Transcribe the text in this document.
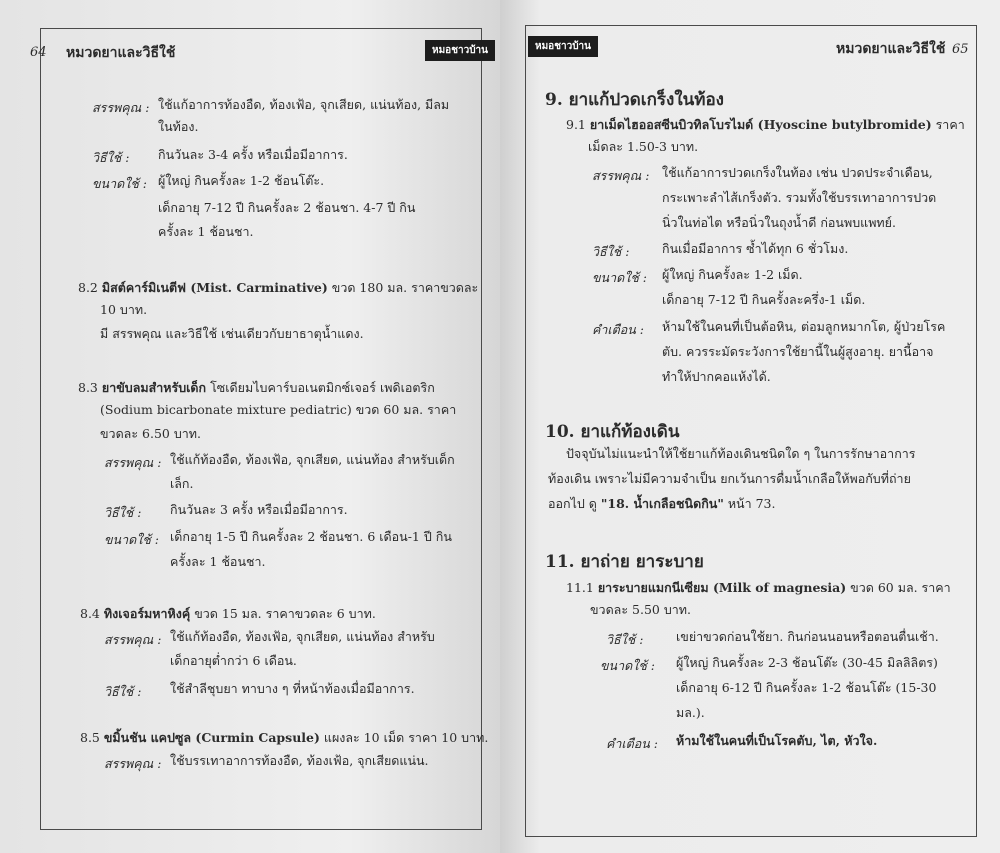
64 หมวดยาและวิธีใช้	หมอชาวบ้าน
สรรพคุณ : ใช้แก้อาการท้องอืด, ท้องเฟ้อ, จุกเสียด, แน่นท้อง, มีลม
ในท้อง.
วิธีใช้ : กินวันละ 3-4 ครั้ง หรือเมื่อมีอาการ.
ขนาดใช้ : ผู้ใหญ่ กินครั้งละ 1-2 ช้อนโต๊ะ.
เด็กอายุ 7-12 ปี กินครั้งละ 2 ช้อนชา. 4-7 ปี กิน
ครั้งละ 1 ช้อนชา.
8.2 มิสต์คาร์มิเนตีฟ (Mist. Carminative) ขวด 180 มล. ราคาขวดละ
10 บาท.
มี สรรพคุณ และวิธีใช้ เช่นเดียวกับยาธาตุน้ำแดง.
8.3 ยาขับลมสำหรับเด็ก โซเดียมไบคาร์บอเนตมิกซ์เจอร์ เพดิเอตริก
(Sodium bicarbonate mixture pediatric) ขวด 60 มล. ราคา
ขวดละ 6.50 บาท.
สรรพคุณ : ใช้แก้ท้องอืด, ท้องเฟ้อ, จุกเสียด, แน่นท้อง สำหรับเด็ก
เล็ก.
วิธีใช้ : กินวันละ 3 ครั้ง หรือเมื่อมีอาการ.
ขนาดใช้ : เด็กอายุ 1-5 ปี กินครั้งละ 2 ช้อนชา. 6 เดือน-1 ปี กิน
ครั้งละ 1 ช้อนชา.
8.4 ทิงเจอร์มหาหิงคุ์ ขวด 15 มล. ราคาขวดละ 6 บาท.
สรรพคุณ : ใช้แก้ท้องอืด, ท้องเฟ้อ, จุกเสียด, แน่นท้อง สำหรับ
เด็กอายุต่ำกว่า 6 เดือน.
วิธีใช้ : ใช้สำลีชุบยา ทาบาง ๆ ที่หน้าท้องเมื่อมีอาการ.
8.5 ขมิ้นชัน แคปซูล (Curmin Capsule) แผงละ 10 เม็ด ราคา 10 บาท.
สรรพคุณ : ใช้บรรเทาอาการท้องอืด, ท้องเฟ้อ, จุกเสียดแน่น.
หมอชาวบ้าน	หมวดยาและวิธีใช้ 65
9. ยาแก้ปวดเกร็งในท้อง
9.1 ยาเม็ดไฮออสซีนบิวทิลโบรไมด์ (Hyoscine butylbromide) ราคา
เม็ดละ 1.50-3 บาท.
สรรพคุณ : ใช้แก้อาการปวดเกร็งในท้อง เช่น ปวดประจำเดือน,
กระเพาะลำไส้เกร็งตัว. รวมทั้งใช้บรรเทาอาการปวด
นิ่วในท่อไต หรือนิ่วในถุงน้ำดี ก่อนพบแพทย์.
วิธีใช้ :	กินเมื่อมีอาการ ซ้ำได้ทุก 6 ชั่วโมง.
ขนาดใช้ : ผู้ใหญ่ กินครั้งละ 1-2 เม็ด.
เด็กอายุ 7-12 ปี กินครั้งละครึ่ง-1 เม็ด.
คำเตือน : ห้ามใช้ในคนที่เป็นต้อหิน, ต่อมลูกหมากโต, ผู้ป่วยโรค
ตับ. ควรระมัดระวังการใช้ยานี้ในผู้สูงอายุ. ยานี้อาจ
ทำให้ปากคอแห้งได้.
10. ยาแก้ท้องเดิน
ปัจจุบันไม่แนะนำให้ใช้ยาแก้ท้องเดินชนิดใด ๆ ในการรักษาอาการ
ท้องเดิน เพราะไม่มีความจำเป็น ยกเว้นการดื่มน้ำเกลือให้พอกับที่ถ่าย
ออกไป ดู "18. น้ำเกลือชนิดกิน" หน้า 73.
11. ยาถ่าย ยาระบาย
11.1 ยาระบายแมกนีเซียม (Milk of magnesia) ขวด 60 มล. ราคา
ขวดละ 5.50 บาท.
วิธีใช้ :	เขย่าขวดก่อนใช้ยา. กินก่อนนอนหรือตอนตื่นเช้า.
ขนาดใช้ : ผู้ใหญ่ กินครั้งละ 2-3 ช้อนโต๊ะ (30-45 มิลลิลิตร)
เด็กอายุ 6-12 ปี กินครั้งละ 1-2 ช้อนโต๊ะ (15-30
มล.).
คำเตือน : ห้ามใช้ในคนที่เป็นโรคตับ, ไต, หัวใจ.
